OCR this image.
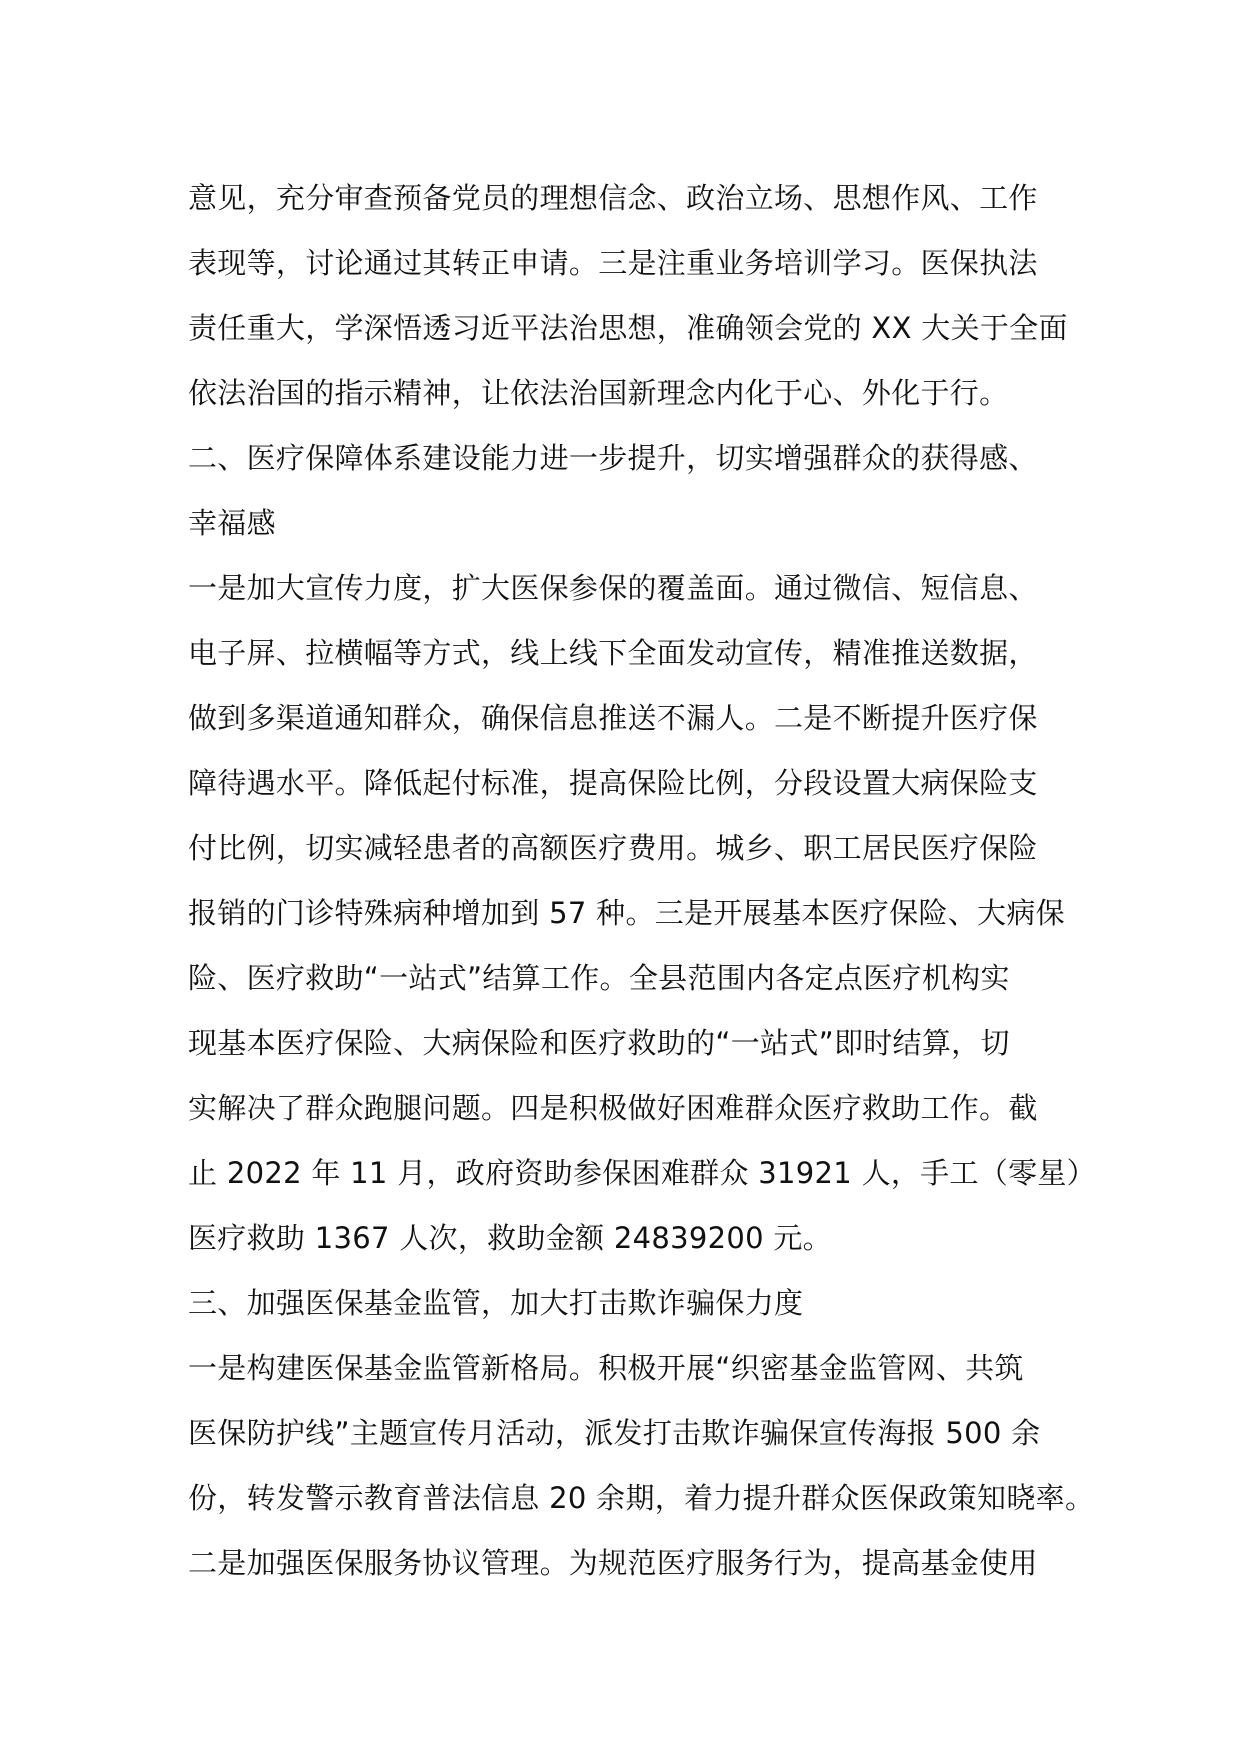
意见，充分审查预备党员的理想信念、政治立场、思想作风、工作
表现等，讨论通过其转正申请。三是注重业务培训学习。医保执法
责任重大，学深悟透习近平法治思想，准确领会党的 XX 大关于全面
依法治国的指示精神，让依法治国新理念内化于心、外化于行。
二、医疗保障体系建设能力进一步提升，切实增强群众的获得感、
幸福感
一是加大宣传力度，扩大医保参保的覆盖面。通过微信、短信息、
电子屏、拉横幅等方式，线上线下全面发动宣传，精准推送数据，
做到多渠道通知群众，确保信息推送不漏人。二是不断提升医疗保
障待遇水平。降低起付标准，提高保险比例，分段设置大病保险支
付比例，切实减轻患者的高额医疗费用。城乡、职工居民医疗保险
报销的门诊特殊病种增加到 57 种。三是开展基本医疗保险、大病保
险、医疗救助“一站式”结算工作。全县范围内各定点医疗机构实
现基本医疗保险、大病保险和医疗救助的“一站式”即时结算，切
实解决了群众跑腿问题。四是积极做好困难群众医疗救助工作。截
止 2022 年 11 月，政府资助参保困难群众 31921 人，手工（零星）
医疗救助 1367 人次，救助金额 24839200 元。
三、加强医保基金监管，加大打击欺诈骗保力度
一是构建医保基金监管新格局。积极开展“织密基金监管网、共筑
医保防护线”主题宣传月活动，派发打击欺诈骗保宣传海报 500 余
份，转发警示教育普法信息 20 余期，着力提升群众医保政策知晓率。
二是加强医保服务协议管理。为规范医疗服务行为，提高基金使用
